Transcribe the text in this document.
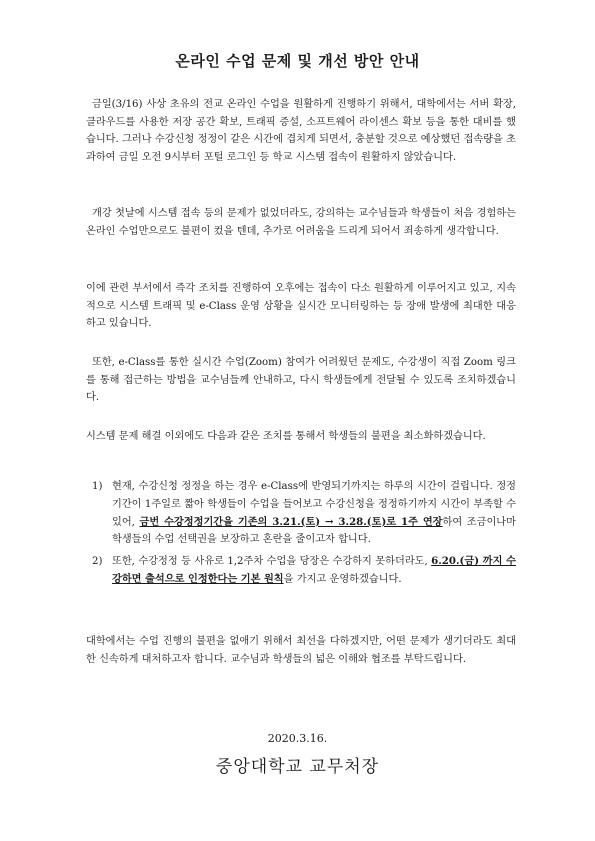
온라인 수업 문제 및 개선 방안 안내

금일(3/16) 사상 초유의 전교 온라인 수업을 원활하게 진행하기 위해서, 대학에서는 서버 확장, 클라우드를 사용한 저장 공간 확보, 트래픽 증설, 소프트웨어 라이센스 확보 등을 통한 대비를 했습니다. 그러나 수강신청 정정이 같은 시간에 겹치게 되면서, 충분할 것으로 예상했던 접속량을 초과하여 금일 오전 9시부터 포털 로그인 등 학교 시스템 접속이 원활하지 않았습니다.

개강 첫날에 시스템 접속 등의 문제가 없었더라도, 강의하는 교수님들과 학생들이 처음 경험하는 온라인 수업만으로도 불편이 컸을 텐데, 추가로 어려움을 드리게 되어서 죄송하게 생각합니다.

이에 관련 부서에서 즉각 조치를 진행하여 오후에는 접속이 다소 원활하게 이루어지고 있고, 지속적으로 시스템 트래픽 및 e-Class 운영 상황을 실시간 모니터링하는 등 장애 발생에 최대한 대응하고 있습니다.

또한, e-Class를 통한 실시간 수업(Zoom) 참여가 어려웠던 문제도, 수강생이 직접 Zoom 링크를 통해 접근하는 방법을 교수님들께 안내하고, 다시 학생들에게 전달될 수 있도록 조치하겠습니다.

시스템 문제 해결 이외에도 다음과 같은 조치를 통해서 학생들의 불편을 최소화하겠습니다.

1) 현재, 수강신청 정정을 하는 경우 e-Class에 반영되기까지는 하루의 시간이 걸립니다. 정정기간이 1주일로 짧아 학생들이 수업을 들어보고 수강신청을 정정하기까지 시간이 부족할 수 있어, 금번 수강정정기간을 기존의 3.21.(토) → 3.28.(토)로 1주 연장하여 조금이나마 학생들의 수업 선택권을 보장하고 혼란을 줄이고자 합니다.
2) 또한, 수강정정 등 사유로 1,2주차 수업을 당장은 수강하지 못하더라도, 6.20.(금) 까지 수강하면 출석으로 인정한다는 기본 원칙을 가지고 운영하겠습니다.

대학에서는 수업 진행의 불편을 없애기 위해서 최선을 다하겠지만, 어떤 문제가 생기더라도 최대한 신속하게 대처하고자 합니다. 교수님과 학생들의 넓은 이해와 협조를 부탁드립니다.

2020.3.16.
중앙대학교 교무처장
